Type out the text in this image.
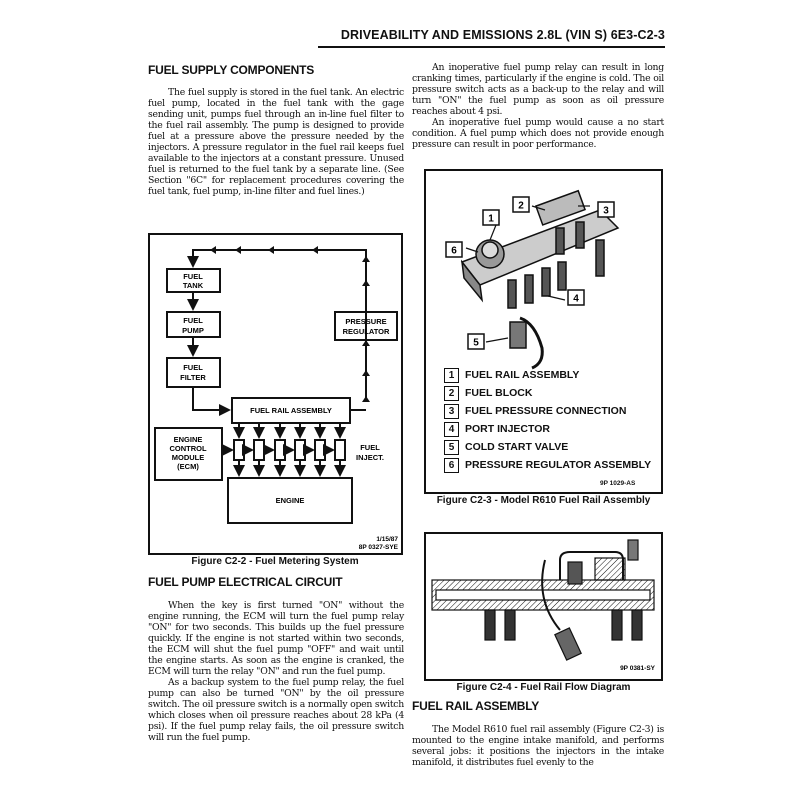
DRIVEABILITY AND EMISSIONS 2.8L (VIN S) 6E3-C2-3
FUEL SUPPLY COMPONENTS

The fuel supply is stored in the fuel tank. An electric fuel pump, located in the fuel tank with the gage sending unit, pumps fuel through an in-line fuel filter to the fuel rail assembly. The pump is designed to provide fuel at a pressure above the pressure needed by the injectors. A pressure regulator in the fuel rail keeps fuel available to the injectors at a constant pressure. Unused fuel is returned to the fuel tank by a separate line. (See Section "6C" for replacement procedures covering the fuel tank, fuel pump, in-line filter and fuel lines.)

FUEL
TANK
FUEL
PUMP
FUEL
FILTER
PRESSURE
REGULATOR
FUEL RAIL ASSEMBLY
ENGINE
CONTROL
MODULE
(ECM)
ENGINE
FUEL
INJECT.
1/15/87
8P 0327-SYE
1
2	3
6
4
5
9P 0381-SY
Figure C2-2 - Fuel Metering System
FUEL PUMP ELECTRICAL CIRCUIT

When the key is first turned "ON" without the engine running, the ECM will turn the fuel pump relay "ON" for two seconds. This builds up the fuel pressure quickly. If the engine is not started within two seconds, the ECM will shut the fuel pump "OFF" and wait until the engine starts. As soon as the engine is cranked, the ECM will turn the relay "ON" and run the fuel pump.

As a backup system to the fuel pump relay, the fuel pump can also be turned "ON" by the oil pressure switch. The oil pressure switch is a normally open switch which closes when oil pressure reaches about 28 kPa (4 psi). If the fuel pump relay fails, the oil pressure switch will run the fuel pump.

An inoperative fuel pump relay can result in long cranking times, particularly if the engine is cold. The oil pressure switch acts as a back-up to the relay and will turn "ON" the fuel pump as soon as oil pressure reaches about 4 psi.

An inoperative fuel pump would cause a no start condition. A fuel pump which does not provide enough pressure can result in poor performance.

1	FUEL RAIL ASSEMBLY
2	FUEL BLOCK
3	FUEL PRESSURE CONNECTION
4	PORT INJECTOR
5	COLD START VALVE
6	PRESSURE REGULATOR ASSEMBLY
9P 1029-AS
Figure C2-3 - Model R610 Fuel Rail Assembly
Figure C2-4 - Fuel Rail Flow Diagram
FUEL RAIL ASSEMBLY

The Model R610 fuel rail assembly (Figure C2-3) is mounted to the engine intake manifold, and performs several jobs: it positions the injectors in the intake manifold, it distributes fuel evenly to the
